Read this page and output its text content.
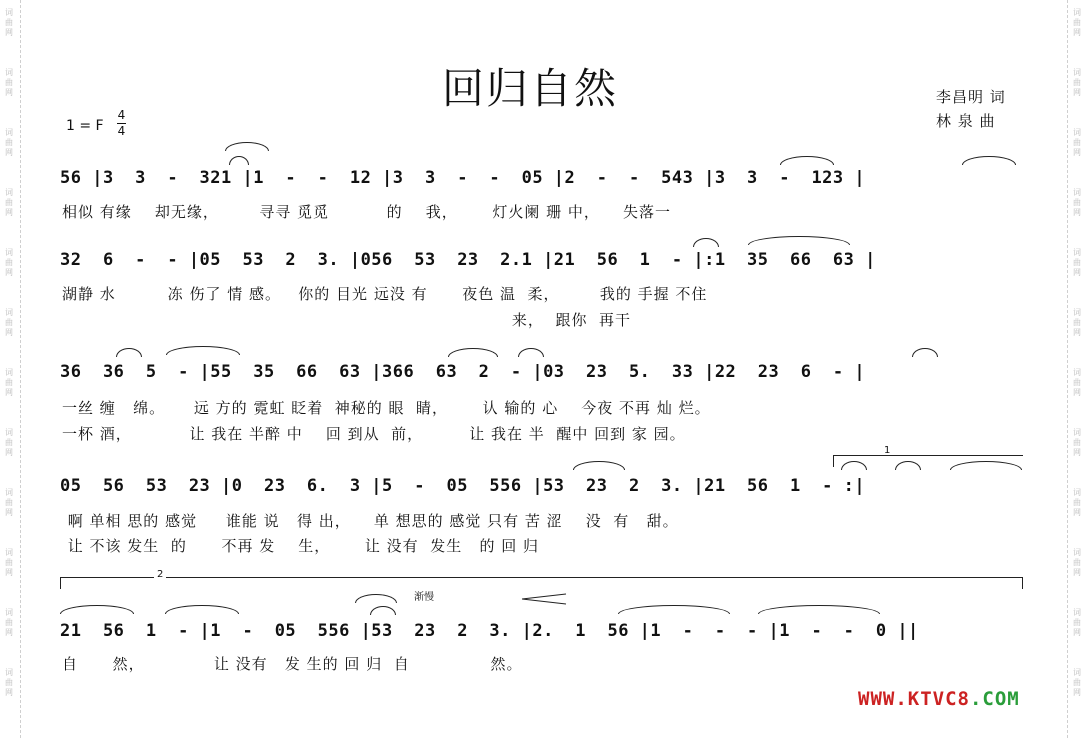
词
曲
网
词
曲
网
词
曲
网
词
曲
网
词
曲
网
词
曲
网
词
曲
网
词
曲
网
词
曲
网
词
曲
网
词
曲
网
词
曲
网
词
曲
网
词
曲
网
词
曲
网
词
曲
网
词
曲
网
词
曲
网
词
曲
网
词
曲
网
词
曲
网
词
曲
网
词
曲
网
词
曲
网
回归自然
1 = F
4
4
李昌明 词
林 泉 曲
56 |3  3  -  321 |1  -  -  12 |3  3  -  -  05 |2  -  -  543 |3  3  -  123 |
相似 有缘    却无缘，       寻寻 觅觅          的    我，      灯火阑 珊 中，    失落一
32  6  -  - |05  53  2  3. |056  53  23  2.1 |21  56  1  - |:1  35  66  63 |
湖静 水         冻 伤了 情 感。   你的 目光 远没 有      夜色 温  柔，       我的 手握 不住
来，  跟你  再干
36  36  5  - |55  35  66  63 |366  63  2  - |03  23  5.  33 |22  23  6  - |
一丝 缠   绵。     远 方的 霓虹 眨着  神秘的 眼  睛，      认 输的 心    今夜 不再 灿 烂。
一杯 酒，          让 我在 半醉 中    回 到从  前，        让 我在 半  醒中 回到 家 园。
1
05  56  53  23 |0  23  6.  3 |5  -  05  556 |53  23  2  3. |21  56  1  - :|
啊 单相 思的 感觉     谁能 说   得 出，    单 想思的 感觉 只有 苦 涩    没  有   甜。
让 不该 发生  的      不再 发    生，      让 没有  发生   的 回 归
2
渐慢
21  56  1  - |1  -  05  556 |53  23  2  3. |2.  1  56 |1  -  -  - |1  -  -  0 ||
自      然，            让 没有   发 生的 回 归  自              然。
WWW.KTVC8.COM
